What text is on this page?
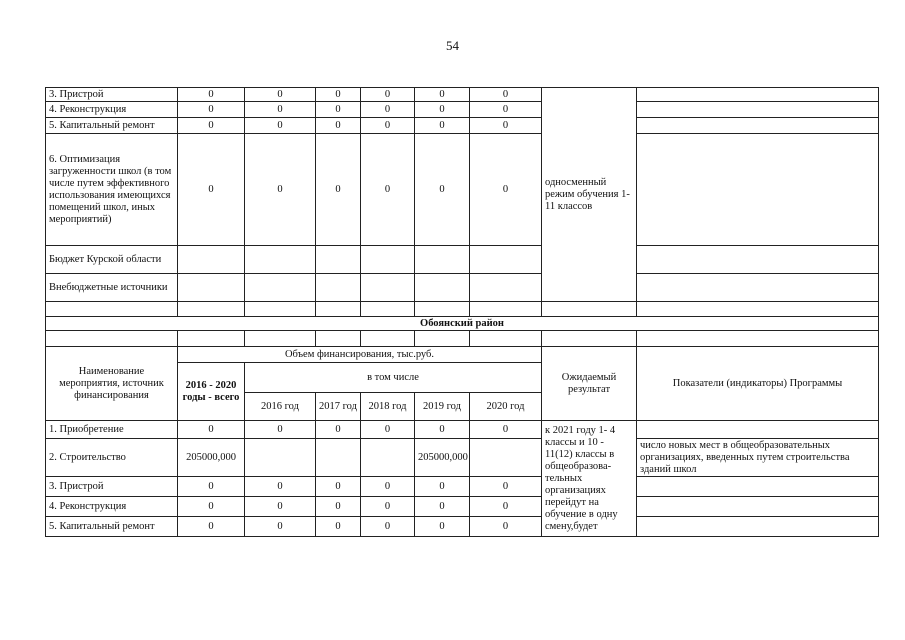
54
3. Пристрой	0	0	0	0	0	0	односменный режим обучения 1-11 классов	
4. Реконструкция	0	0	0	0	0	0		
5. Капитальный ремонт	0	0	0	0	0	0		
6. Оптимизация загруженности школ (в том числе путем эффективного использования имеющихся помещений школ, иных мероприятий)	0	0	0	0	0	0		
Бюджет Курской области								
Внебюджетные источники								

Обоянский район								

Наименование мероприятия, источник финансирования	Объем финансирования, тыс.руб.						Ожидаемый результат	Показатели (индикаторы) Программы
	2016 - 2020 годы - всего	в том числе						
		2016 год	2017 год	2018 год	2019 год	2020 год		
1. Приобретение	0	0	0	0	0	0	к 2021 году 1- 4 классы и 10 - 11(12) классы в общеобразова-тельных организациях перейдут на обучение в одну смену,будет	
2. Строительство	205000,000				205000,000			число новых мест в общеобразовательных организациях, введенных путем строительства зданий школ
3. Пристрой	0	0	0	0	0	0		
4. Реконструкция	0	0	0	0	0	0		
5. Капитальный ремонт	0	0	0	0	0	0		
